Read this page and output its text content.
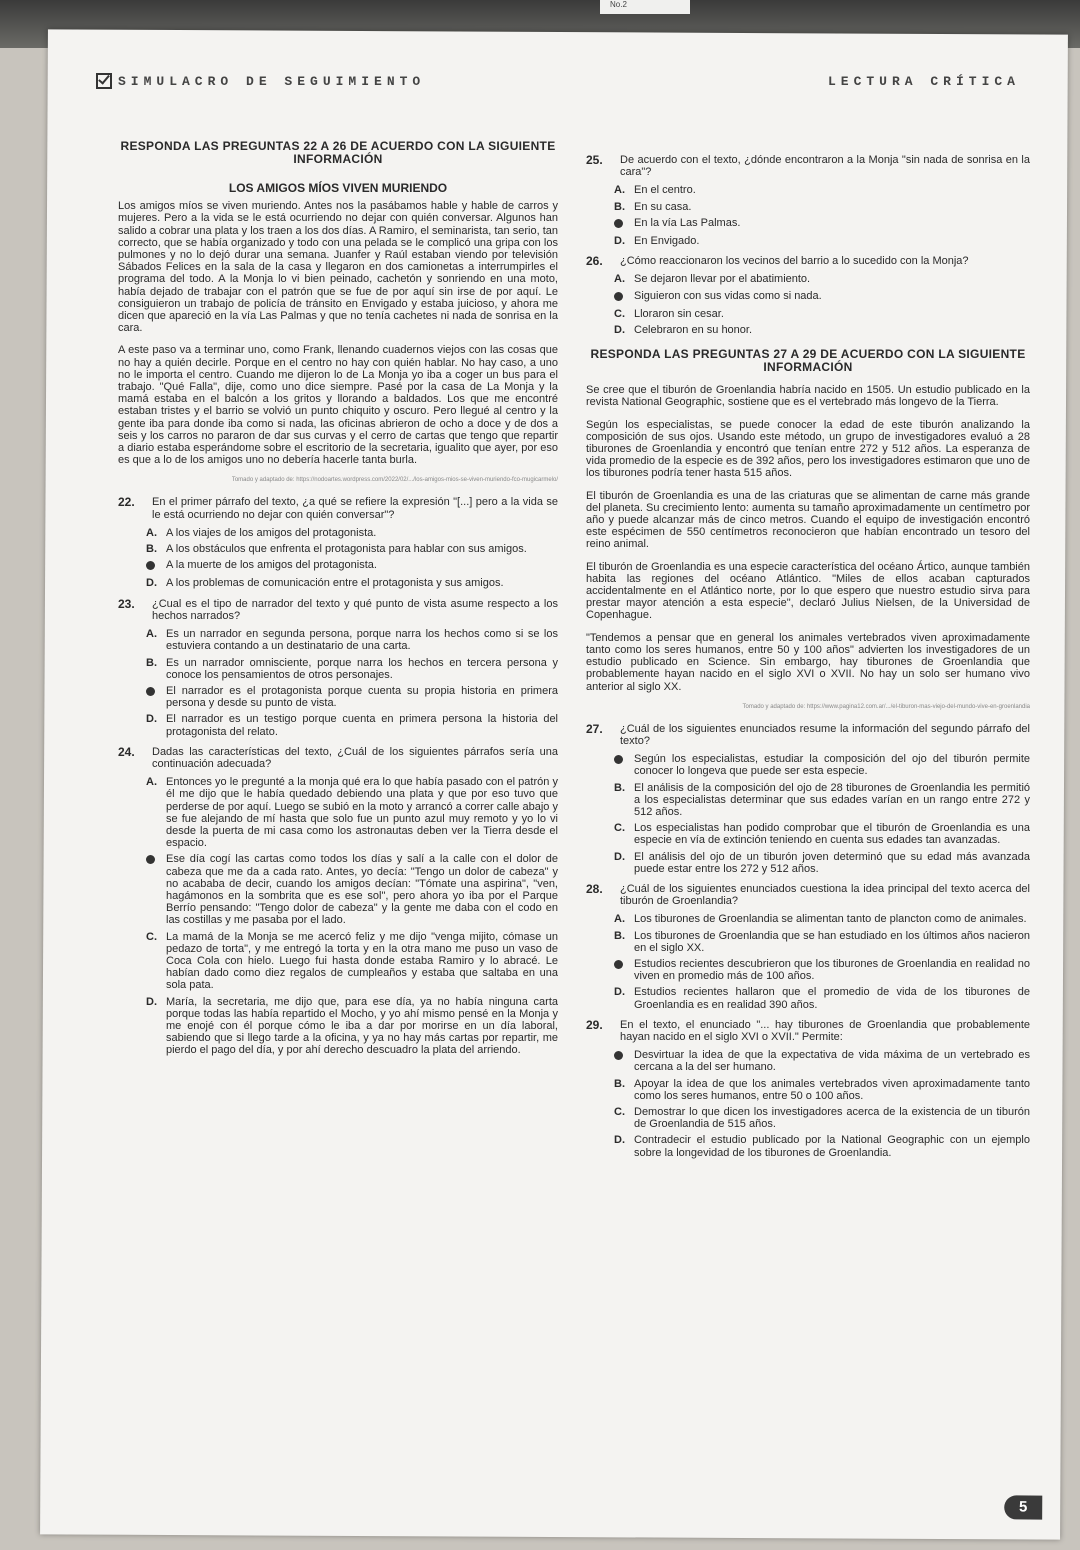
No.2
5
SIMULACRO DE SEGUIMIENTO	LECTURA CRÍTICA
RESPONDA LAS PREGUNTAS 22 A 26 DE ACUERDO CON LA SIGUIENTE INFORMACIÓN
LOS AMIGOS MÍOS VIVEN MURIENDO

Los amigos míos se viven muriendo. Antes nos la pasábamos hable y hable de carros y mujeres. Pero a la vida se le está ocurriendo no dejar con quién conversar. Algunos han salido a cobrar una plata y los traen a los dos días. A Ramiro, el seminarista, tan serio, tan correcto, que se había organizado y todo con una pelada se le complicó una gripa con los pulmones y no lo dejó durar una semana. Juanfer y Raúl estaban viendo por televisión Sábados Felices en la sala de la casa y llegaron en dos camionetas a interrumpirles el programa del todo. A la Monja lo vi bien peinado, cachetón y sonriendo en una moto, había dejado de trabajar con el patrón que se fue de por aquí sin irse de por aquí. Le consiguieron un trabajo de policía de tránsito en Envigado y estaba juicioso, y ahora me dicen que apareció en la vía Las Palmas y que no tenía cachetes ni nada de sonrisa en la cara.

A este paso va a terminar uno, como Frank, llenando cuadernos viejos con las cosas que no hay a quién decirle. Porque en el centro no hay con quién hablar. No hay caso, a uno no le importa el centro. Cuando me dijeron lo de La Monja yo iba a coger un bus para el trabajo. "Qué Falla", dije, como uno dice siempre. Pasé por la casa de La Monja y la mamá estaba en el balcón a los gritos y llorando a baldados. Los que me encontré estaban tristes y el barrio se volvió un punto chiquito y oscuro. Pero llegué al centro y la gente iba para donde iba como si nada, las oficinas abrieron de ocho a doce y de dos a seis y los carros no pararon de dar sus curvas y el cerro de cartas que tengo que repartir a diario estaba esperándome sobre el escritorio de la secretaria, igualito que ayer, por eso es que a lo de los amigos uno no debería hacerle tanta burla.

Tomado y adaptado de: https://nodoartes.wordpress.com/2022/02/.../los-amigos-mios-se-viven-muriendo-fco-mugicarmelo/
22.	En el primer párrafo del texto, ¿a qué se refiere la expresión "[...] pero a la vida se le está ocurriendo no dejar con quién conversar"?
A. A los viajes de los amigos del protagonista.
B. A los obstáculos que enfrenta el protagonista para hablar con sus amigos.
A la muerte de los amigos del protagonista.
D. A los problemas de comunicación entre el protagonista y sus amigos.
23.	¿Cual es el tipo de narrador del texto y qué punto de vista asume respecto a los hechos narrados?
A. Es un narrador en segunda persona, porque narra los hechos como si se los estuviera contando a un destinatario de una carta.
B. Es un narrador omnisciente, porque narra los hechos en tercera persona y conoce los pensamientos de otros personajes.
El narrador es el protagonista porque cuenta su propia historia en primera persona y desde su punto de vista.
D. El narrador es un testigo porque cuenta en primera persona la historia del protagonista del relato.
24.	Dadas las características del texto, ¿Cuál de los siguientes párrafos sería una continuación adecuada?
A. Entonces yo le pregunté a la monja qué era lo que había pasado con el patrón y él me dijo que le había quedado debiendo una plata y que por eso tuvo que perderse de por aquí. Luego se subió en la moto y arrancó a correr calle abajo y se fue alejando de mí hasta que solo fue un punto azul muy remoto y yo lo vi desde la puerta de mi casa como los astronautas deben ver la Tierra desde el espacio.
Ese día cogí las cartas como todos los días y salí a la calle con el dolor de cabeza que me da a cada rato. Antes, yo decía: "Tengo un dolor de cabeza" y no acababa de decir, cuando los amigos decían: "Tómate una aspirina", "ven, hagámonos en la sombrita que es ese sol", pero ahora yo iba por el Parque Berrío pensando: "Tengo dolor de cabeza" y la gente me daba con el codo en las costillas y me pasaba por el lado.
C. La mamá de la Monja se me acercó feliz y me dijo "venga mijito, cómase un pedazo de torta", y me entregó la torta y en la otra mano me puso un vaso de Coca Cola con hielo. Luego fui hasta donde estaba Ramiro y lo abracé. Le habían dado como diez regalos de cumpleaños y estaba que saltaba en una sola pata.
D. María, la secretaria, me dijo que, para ese día, ya no había ninguna carta porque todas las había repartido el Mocho, y yo ahí mismo pensé en la Monja y me enojé con él porque cómo le iba a dar por morirse en un día laboral, sabiendo que si llego tarde a la oficina, y ya no hay más cartas por repartir, me pierdo el pago del día, y por ahí derecho descuadro la plata del arriendo.
25.	De acuerdo con el texto, ¿dónde encontraron a la Monja "sin nada de sonrisa en la cara"?
A. En el centro.
B. En su casa.
En la vía Las Palmas.
D. En Envigado.
26.	¿Cómo reaccionaron los vecinos del barrio a lo sucedido con la Monja?
A. Se dejaron llevar por el abatimiento.
Siguieron con sus vidas como si nada.
C. Lloraron sin cesar.
D. Celebraron en su honor.
RESPONDA LAS PREGUNTAS 27 A 29 DE ACUERDO CON LA SIGUIENTE INFORMACIÓN

Se cree que el tiburón de Groenlandia habría nacido en 1505. Un estudio publicado en la revista National Geographic, sostiene que es el vertebrado más longevo de la Tierra.

Según los especialistas, se puede conocer la edad de este tiburón analizando la composición de sus ojos. Usando este método, un grupo de investigadores evaluó a 28 tiburones de Groenlandia y encontró que tenían entre 272 y 512 años. La esperanza de vida promedio de la especie es de 392 años, pero los investigadores estimaron que uno de los tiburones podría tener hasta 515 años.

El tiburón de Groenlandia es una de las criaturas que se alimentan de carne más grande del planeta. Su crecimiento lento: aumenta su tamaño aproximadamente un centímetro por año y puede alcanzar más de cinco metros. Cuando el equipo de investigación encontró este espécimen de 550 centímetros reconocieron que habían encontrado un tesoro del reino animal.

El tiburón de Groenlandia es una especie característica del océano Ártico, aunque también habita las regiones del océano Atlántico. "Miles de ellos acaban capturados accidentalmente en el Atlántico norte, por lo que espero que nuestro estudio sirva para prestar mayor atención a esta especie", declaró Julius Nielsen, de la Universidad de Copenhague.

"Tendemos a pensar que en general los animales vertebrados viven aproximadamente tanto como los seres humanos, entre 50 y 100 años" advierten los investigadores de un estudio publicado en Science. Sin embargo, hay tiburones de Groenlandia que probablemente hayan nacido en el siglo XVI o XVII. No hay un solo ser humano vivo anterior al siglo XX.

Tomado y adaptado de: https://www.pagina12.com.ar/.../el-tiburon-mas-viejo-del-mundo-vive-en-groenlandia
27.	¿Cuál de los siguientes enunciados resume la información del segundo párrafo del texto?
Según los especialistas, estudiar la composición del ojo del tiburón permite conocer lo longeva que puede ser esta especie.
B. El análisis de la composición del ojo de 28 tiburones de Groenlandia les permitió a los especialistas determinar que sus edades varían en un rango entre 272 y 512 años.
C. Los especialistas han podido comprobar que el tiburón de Groenlandia es una especie en vía de extinción teniendo en cuenta sus edades tan avanzadas.
D. El análisis del ojo de un tiburón joven determinó que su edad más avanzada puede estar entre los 272 y 512 años.
28.	¿Cuál de los siguientes enunciados cuestiona la idea principal del texto acerca del tiburón de Groenlandia?
A. Los tiburones de Groenlandia se alimentan tanto de plancton como de animales.
B. Los tiburones de Groenlandia que se han estudiado en los últimos años nacieron en el siglo XX.
Estudios recientes descubrieron que los tiburones de Groenlandia en realidad no viven en promedio más de 100 años.
D. Estudios recientes hallaron que el promedio de vida de los tiburones de Groenlandia es en realidad 390 años.
29.	En el texto, el enunciado "... hay tiburones de Groenlandia que probablemente hayan nacido en el siglo XVI o XVII." Permite:
Desvirtuar la idea de que la expectativa de vida máxima de un vertebrado es cercana a la del ser humano.
B. Apoyar la idea de que los animales vertebrados viven aproximadamente tanto como los seres humanos, entre 50 o 100 años.
C. Demostrar lo que dicen los investigadores acerca de la existencia de un tiburón de Groenlandia de 515 años.
D. Contradecir el estudio publicado por la National Geographic con un ejemplo sobre la longevidad de los tiburones de Groenlandia.
